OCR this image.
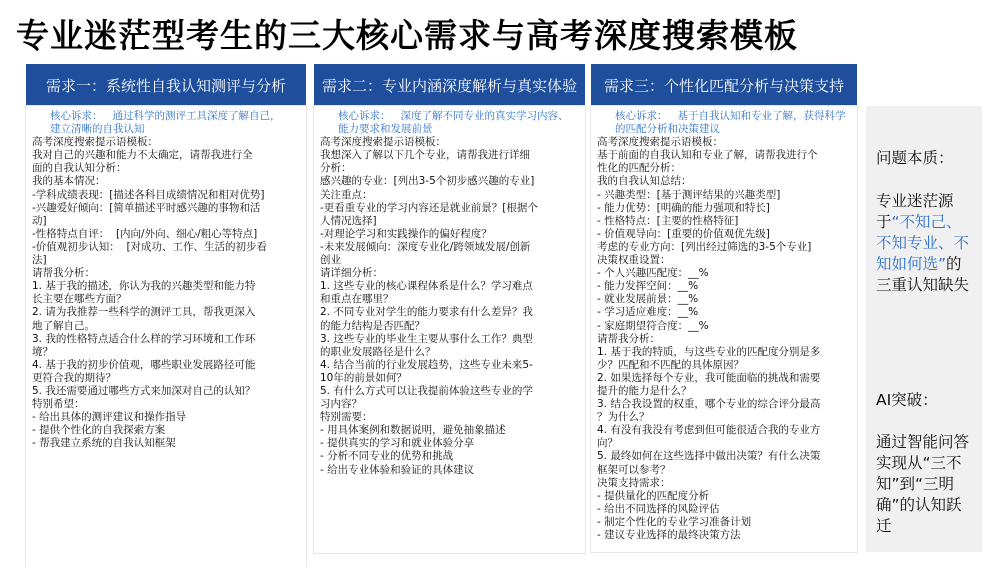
专业迷茫型考生的三大核心需求与高考深度搜索模板
需求一：系统性自我认知测评与分析
核心诉求：   通过科学的测评工具深度了解自己，
建立清晰的自我认知
高考深度搜索提示语模板：
我对自己的兴趣和能力不太确定，请帮我进行全
面的自我认知分析：
我的基本情况：
-学科成绩表现：[描述各科目成绩情况和相对优势]
-兴趣爱好倾向：[简单描述平时感兴趣的事物和活
动]
-性格特点自评：  [内向/外向、细心/粗心等特点]
-价值观初步认知：  [对成功、工作、生活的初步看
法]
请帮我分析：
1. 基于我的描述，你认为我的兴趣类型和能力特
长主要在哪些方面？
2. 请为我推荐一些科学的测评工具，帮我更深入
地了解自己。
3. 我的性格特点适合什么样的学习环境和工作环
境？
4. 基于我的初步价值观，哪些职业发展路径可能
更符合我的期待？
5. 我还需要通过哪些方式来加深对自己的认知？
特别希望：
- 给出具体的测评建议和操作指导
- 提供个性化的自我探索方案
- 帮我建立系统的自我认知框架
需求二：专业内涵深度解析与真实体验
核心诉求：   深度了解不同专业的真实学习内容、
能力要求和发展前景
高考深度搜索提示语模板：
我想深入了解以下几个专业，请帮我进行详细
分析：
感兴趣的专业：[列出3-5个初步感兴趣的专业]
关注重点：
-更看重专业的学习内容还是就业前景？[根据个
人情况选择]
-对理论学习和实践操作的偏好程度？
-未来发展倾向：深度专业化/跨领域发展/创新
创业
请详细分析：
1. 这些专业的核心课程体系是什么？学习难点
和重点在哪里？
2. 不同专业对学生的能力要求有什么差异？我
的能力结构是否匹配？
3. 这些专业的毕业生主要从事什么工作？典型
的职业发展路径是什么？
4. 结合当前的行业发展趋势，这些专业未来5-
10年的前景如何？
5. 有什么方式可以让我提前体验这些专业的学
习内容？
特别需要：
- 用具体案例和数据说明，避免抽象描述
- 提供真实的学习和就业体验分享
- 分析不同专业的优势和挑战
- 给出专业体验和验证的具体建议
需求三：个性化匹配分析与决策支持
核心诉求：   基于自我认知和专业了解，获得科学
的匹配分析和决策建议
高考深度搜索提示语模板：
基于前面的自我认知和专业了解，请帮我进行个
性化的匹配分析：
我的自我认知总结：
- 兴趣类型：[基于测评结果的兴趣类型]
- 能力优势：[明确的能力强项和特长]
- 性格特点：[主要的性格特征]
- 价值观导向：[重要的价值观优先级]
考虑的专业方向：[列出经过筛选的3-5个专业]
决策权重设置：
- 个人兴趣匹配度：__%
- 能力发挥空间：__%
- 就业发展前景：__%
- 学习适应难度：__%
- 家庭期望符合度：__%
请帮我分析：
1. 基于我的特质，与这些专业的匹配度分别是多
少？匹配和不匹配的具体原因？
2. 如果选择每个专业，我可能面临的挑战和需要
提升的能力是什么？
3. 结合我设置的权重，哪个专业的综合评分最高
？为什么？
4. 有没有我没有考虑到但可能很适合我的专业方
向？
5. 最终如何在这些选择中做出决策？有什么决策
框架可以参考？
决策支持需求：
- 提供量化的匹配度分析
- 给出不同选择的风险评估
- 制定个性化的专业学习准备计划
- 建议专业选择的最终决策方法
问题本质：
专业迷茫源于“不知己、不知专业、不知如何选”的三重认知缺失
AI突破：
通过智能问答实现从“三不知”到“三明确”的认知跃迁
